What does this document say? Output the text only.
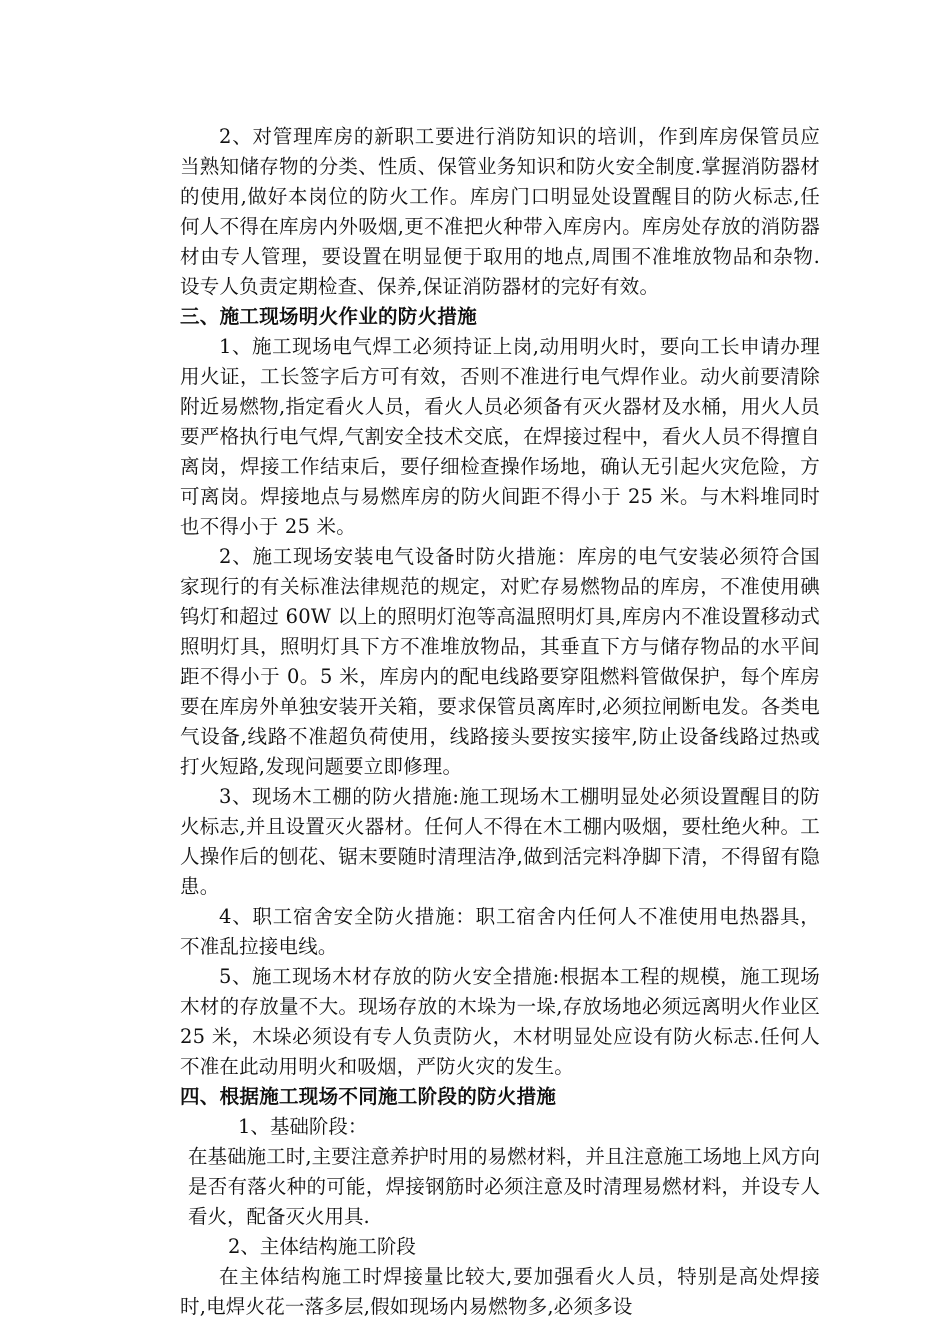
2、对管理库房的新职工要进行消防知识的培训，作到库房保管员应当熟知储存物的分类、性质、保管业务知识和防火安全制度.掌握消防器材的使用,做好本岗位的防火工作。库房门口明显处设置醒目的防火标志,任何人不得在库房内外吸烟,更不准把火种带入库房内。库房处存放的消防器材由专人管理，要设置在明显便于取用的地点,周围不准堆放物品和杂物.设专人负责定期检查、保养,保证消防器材的完好有效。

三、施工现场明火作业的防火措施

1、施工现场电气焊工必须持证上岗,动用明火时，要向工长申请办理用火证，工长签字后方可有效，否则不准进行电气焊作业。动火前要清除附近易燃物,指定看火人员，看火人员必须备有灭火器材及水桶，用火人员要严格执行电气焊,气割安全技术交底，在焊接过程中，看火人员不得擅自离岗，焊接工作结束后，要仔细检查操作场地，确认无引起火灾危险，方可离岗。焊接地点与易燃库房的防火间距不得小于 25 米。与木料堆同时也不得小于 25 米。

2、施工现场安装电气设备时防火措施：库房的电气安装必须符合国家现行的有关标准法律规范的规定，对贮存易燃物品的库房，不准使用碘钨灯和超过 60W 以上的照明灯泡等高温照明灯具,库房内不准设置移动式照明灯具，照明灯具下方不准堆放物品，其垂直下方与储存物品的水平间距不得小于 0。5 米，库房内的配电线路要穿阻燃料管做保护，每个库房要在库房外单独安装开关箱，要求保管员离库时,必须拉闸断电发。各类电气设备,线路不准超负荷使用，线路接头要按实接牢,防止设备线路过热或打火短路,发现问题要立即修理。

3、现场木工棚的防火措施:施工现场木工棚明显处必须设置醒目的防火标志,并且设置灭火器材。任何人不得在木工棚内吸烟，要杜绝火种。工人操作后的刨花、锯末要随时清理洁净,做到活完料净脚下清，不得留有隐患。

4、职工宿舍安全防火措施：职工宿舍内任何人不准使用电热器具，不准乱拉接电线。

5、施工现场木材存放的防火安全措施:根据本工程的规模，施工现场木材的存放量不大。现场存放的木垛为一垛,存放场地必须远离明火作业区 25 米，木垛必须设有专人负责防火，木材明显处应设有防火标志.任何人不准在此动用明火和吸烟，严防火灾的发生。

四、根据施工现场不同施工阶段的防火措施

1、基础阶段：

在基础施工时,主要注意养护时用的易燃材料，并且注意施工场地上风方向是否有落火种的可能，焊接钢筋时必须注意及时清理易燃材料，并设专人看火，配备灭火用具.

2、主体结构施工阶段

在主体结构施工时焊接量比较大,要加强看火人员，特别是高处焊接时,电焊火花一落多层,假如现场内易燃物多,必须多设
